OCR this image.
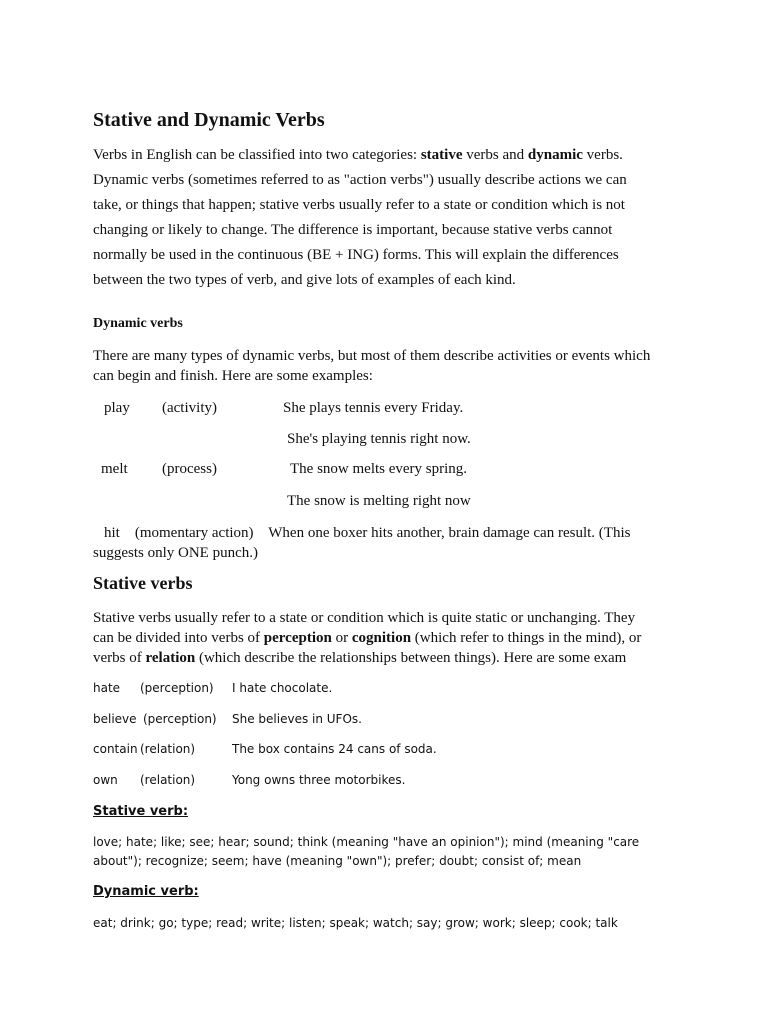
Stative and Dynamic Verbs
Verbs in English can be classified into two categories: stative verbs and dynamic verbs.
Dynamic verbs (sometimes referred to as "action verbs") usually describe actions we can
take, or things that happen; stative verbs usually refer to a state or condition which is not
changing or likely to change. The difference is important, because stative verbs cannot
normally be used in the continuous (BE + ING) forms. This will explain the differences
between the two types of verb, and give lots of examples of each kind.
Dynamic verbs
There are many types of dynamic verbs, but most of them describe activities or events which
can begin and finish. Here are some examples:
play (activity)	She plays tennis every Friday.
She's playing tennis right now.
melt (process)	The snow melts every spring.
The snow is melting right now
hit    (momentary action)    When one boxer hits another, brain damage can result. (This
suggests only ONE punch.)
Stative verbs
Stative verbs usually refer to a state or condition which is quite static or unchanging. They
can be divided into verbs of perception or cognition (which refer to things in the mind), or
verbs of relation (which describe the relationships between things). Here are some exam
hate (perception) I hate chocolate.
believe (perception) She believes in UFOs.
contain (relation)	The box contains 24 cans of soda.
own (relation)	Yong owns three motorbikes.
Stative verb:
love; hate; like; see; hear; sound; think (meaning "have an opinion"); mind (meaning "care
about"); recognize; seem; have (meaning "own"); prefer; doubt; consist of; mean
Dynamic verb:
eat; drink; go; type; read; write; listen; speak; watch; say; grow; work; sleep; cook; talk
